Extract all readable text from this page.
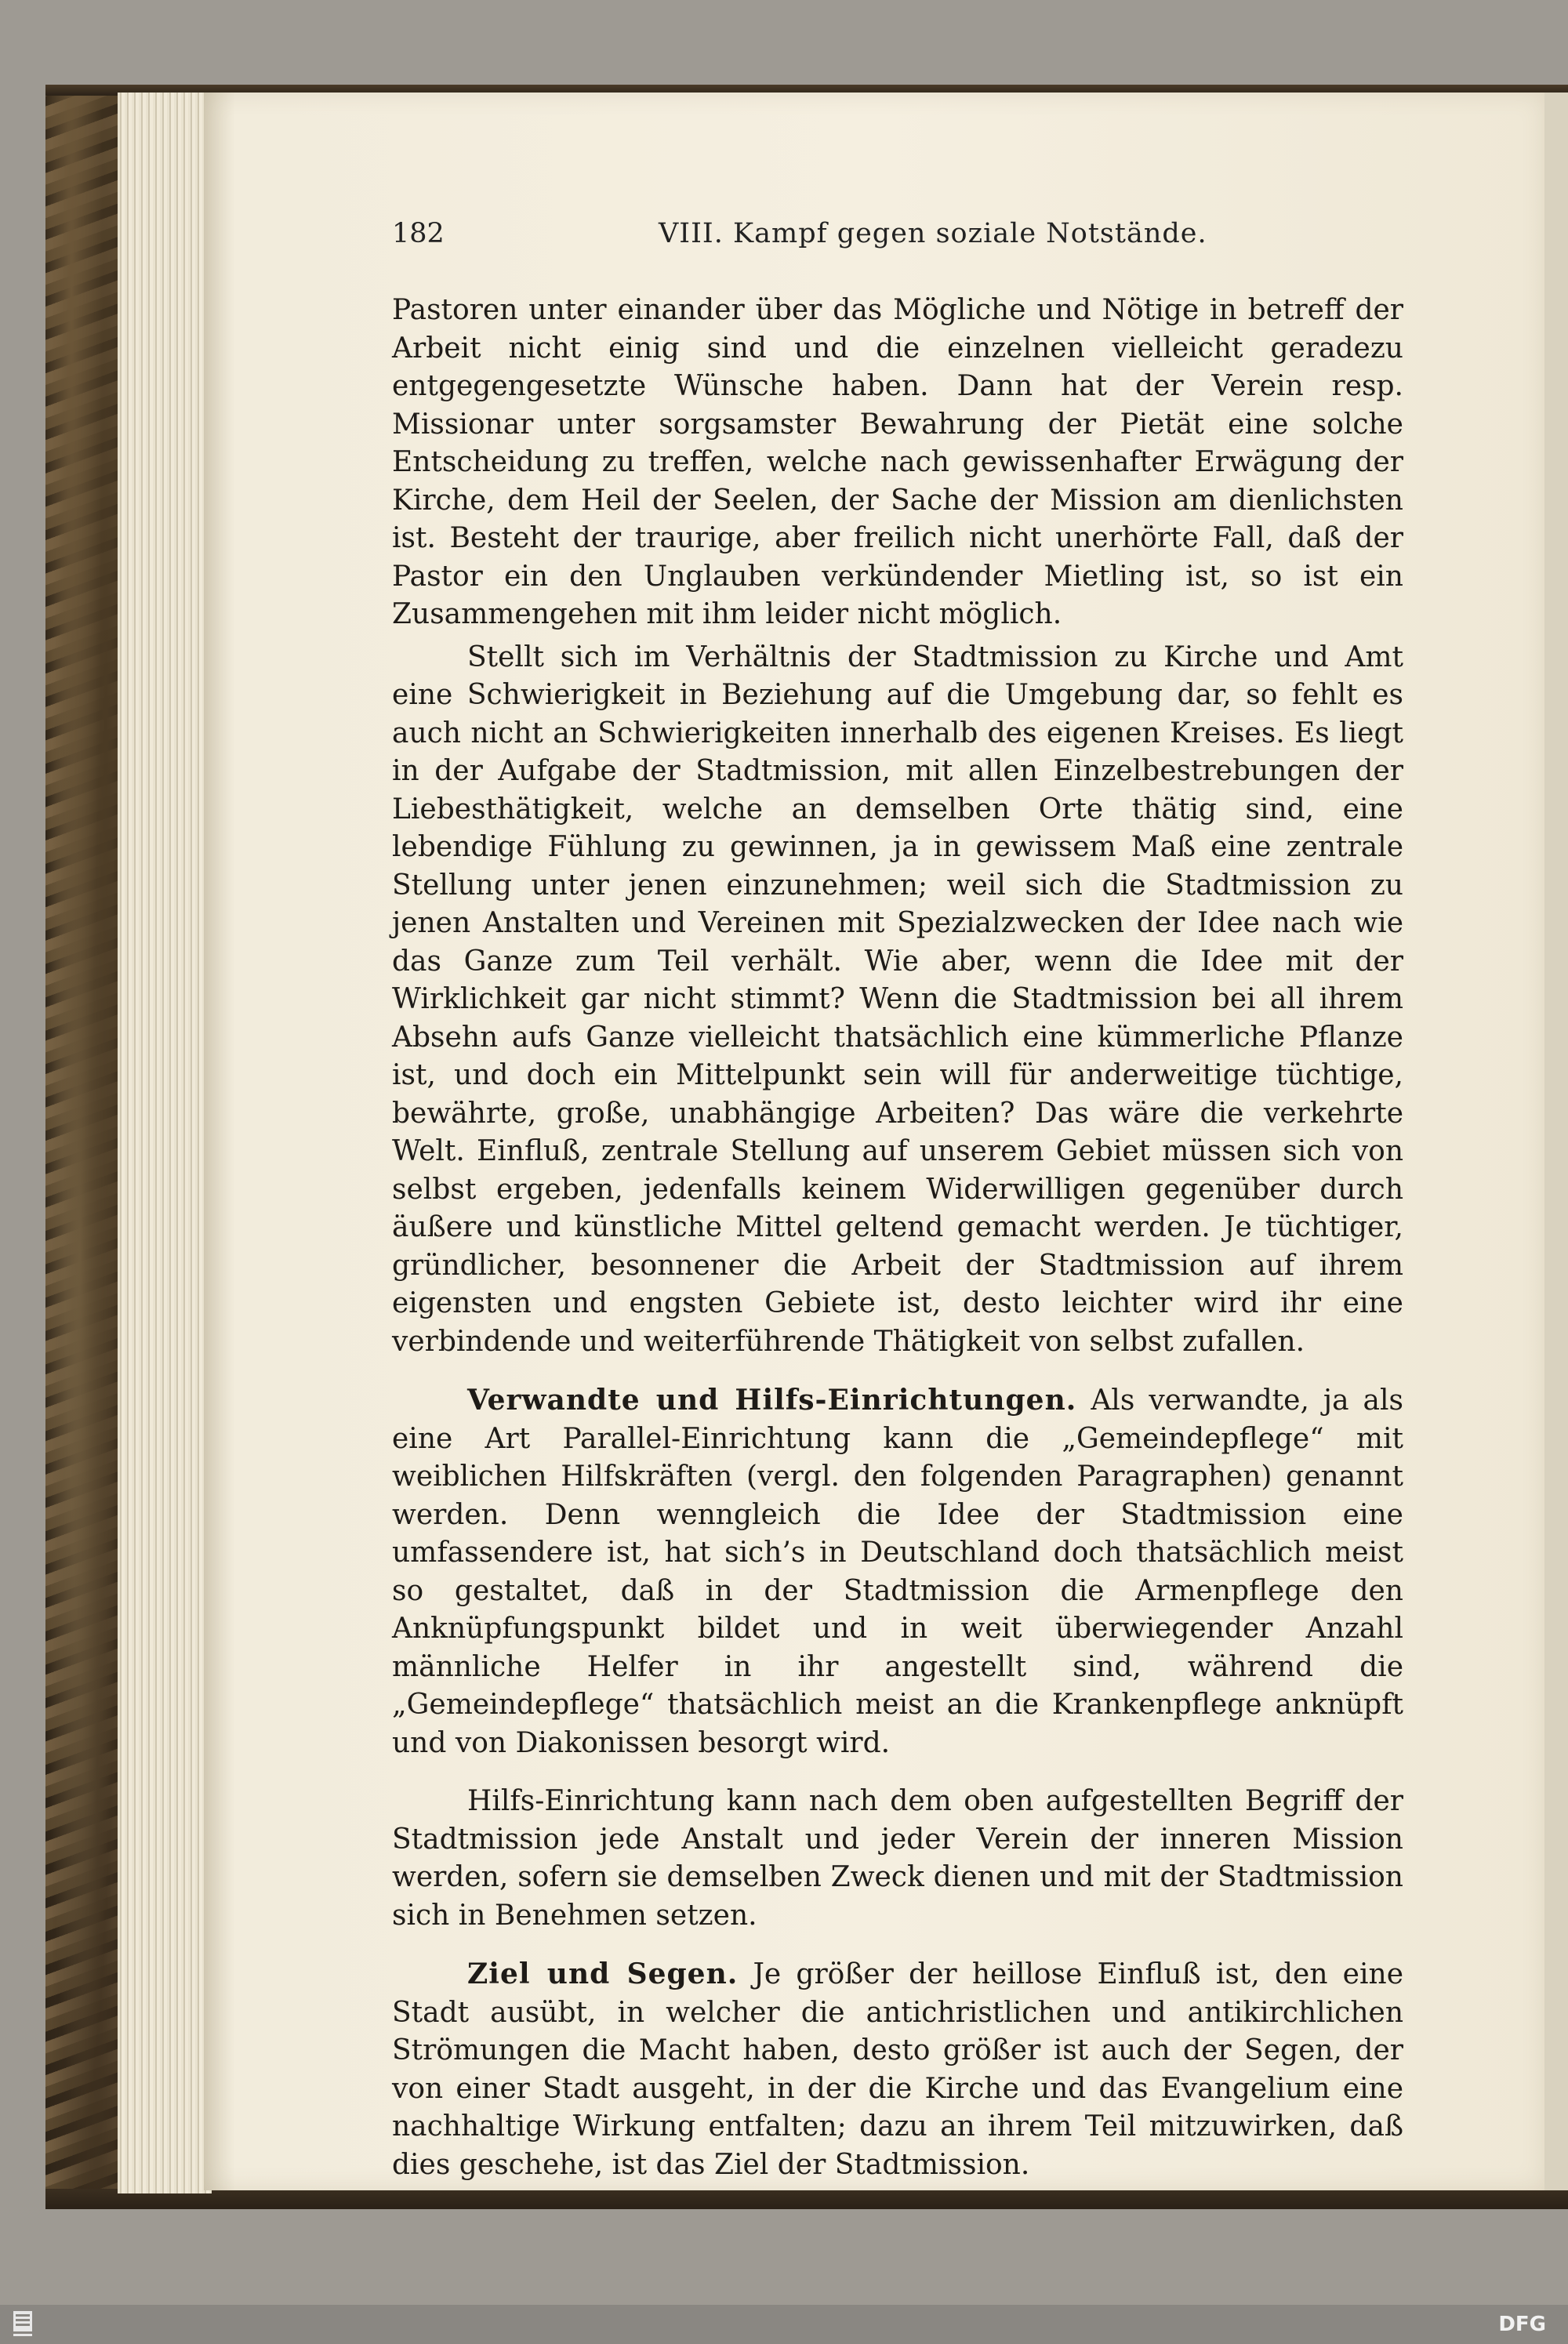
182	VIII. Kampf gegen soziale Notstände.

Pastoren unter einander über das Mögliche und Nötige in betreff der Arbeit nicht einig sind und die einzelnen vielleicht geradezu entgegengesetzte Wünsche haben. Dann hat der Verein resp. Missionar unter sorgsamster Bewahrung der Pietät eine solche Entscheidung zu treffen, welche nach gewissenhafter Erwägung der Kirche, dem Heil der Seelen, der Sache der Mission am dienlichsten ist. Besteht der traurige, aber freilich nicht unerhörte Fall, daß der Pastor ein den Unglauben verkündender Mietling ist, so ist ein Zusammengehen mit ihm leider nicht möglich.

Stellt sich im Verhältnis der Stadtmission zu Kirche und Amt eine Schwierigkeit in Beziehung auf die Umgebung dar, so fehlt es auch nicht an Schwierigkeiten innerhalb des eigenen Kreises. Es liegt in der Aufgabe der Stadtmission, mit allen Einzelbestrebungen der Liebesthätigkeit, welche an demselben Orte thätig sind, eine lebendige Fühlung zu gewinnen, ja in gewissem Maß eine zentrale Stellung unter jenen einzunehmen; weil sich die Stadtmission zu jenen Anstalten und Vereinen mit Spezialzwecken der Idee nach wie das Ganze zum Teil verhält. Wie aber, wenn die Idee mit der Wirklichkeit gar nicht stimmt? Wenn die Stadtmission bei all ihrem Absehn aufs Ganze vielleicht thatsächlich eine kümmerliche Pflanze ist, und doch ein Mittelpunkt sein will für anderweitige tüchtige, bewährte, große, unabhängige Arbeiten? Das wäre die verkehrte Welt. Einfluß, zentrale Stellung auf unserem Gebiet müssen sich von selbst ergeben, jedenfalls keinem Widerwilligen gegenüber durch äußere und künstliche Mittel geltend gemacht werden. Je tüchtiger, gründlicher, besonnener die Arbeit der Stadtmission auf ihrem eigensten und engsten Gebiete ist, desto leichter wird ihr eine verbindende und weiterführende Thätigkeit von selbst zufallen.

Verwandte und Hilfs-Einrichtungen. Als verwandte, ja als eine Art Parallel-Einrichtung kann die „Gemeindepflege“ mit weiblichen Hilfskräften (vergl. den folgenden Paragraphen) genannt werden. Denn wenngleich die Idee der Stadtmission eine umfassendere ist, hat sich’s in Deutschland doch thatsächlich meist so gestaltet, daß in der Stadtmission die Armenpflege den Anknüpfungspunkt bildet und in weit überwiegender Anzahl männliche Helfer in ihr angestellt sind, während die „Gemeindepflege“ thatsächlich meist an die Krankenpflege anknüpft und von Diakonissen besorgt wird.

Hilfs-Einrichtung kann nach dem oben aufgestellten Begriff der Stadtmission jede Anstalt und jeder Verein der inneren Mission werden, sofern sie demselben Zweck dienen und mit der Stadtmission sich in Benehmen setzen.

Ziel und Segen. Je größer der heillose Einfluß ist, den eine Stadt ausübt, in welcher die antichristlichen und antikirchlichen Strömungen die Macht haben, desto größer ist auch der Segen, der von einer Stadt ausgeht, in der die Kirche und das Evangelium eine nachhaltige Wirkung entfalten; dazu an ihrem Teil mitzuwirken, daß dies geschehe, ist das Ziel der Stadtmission.

DFG
